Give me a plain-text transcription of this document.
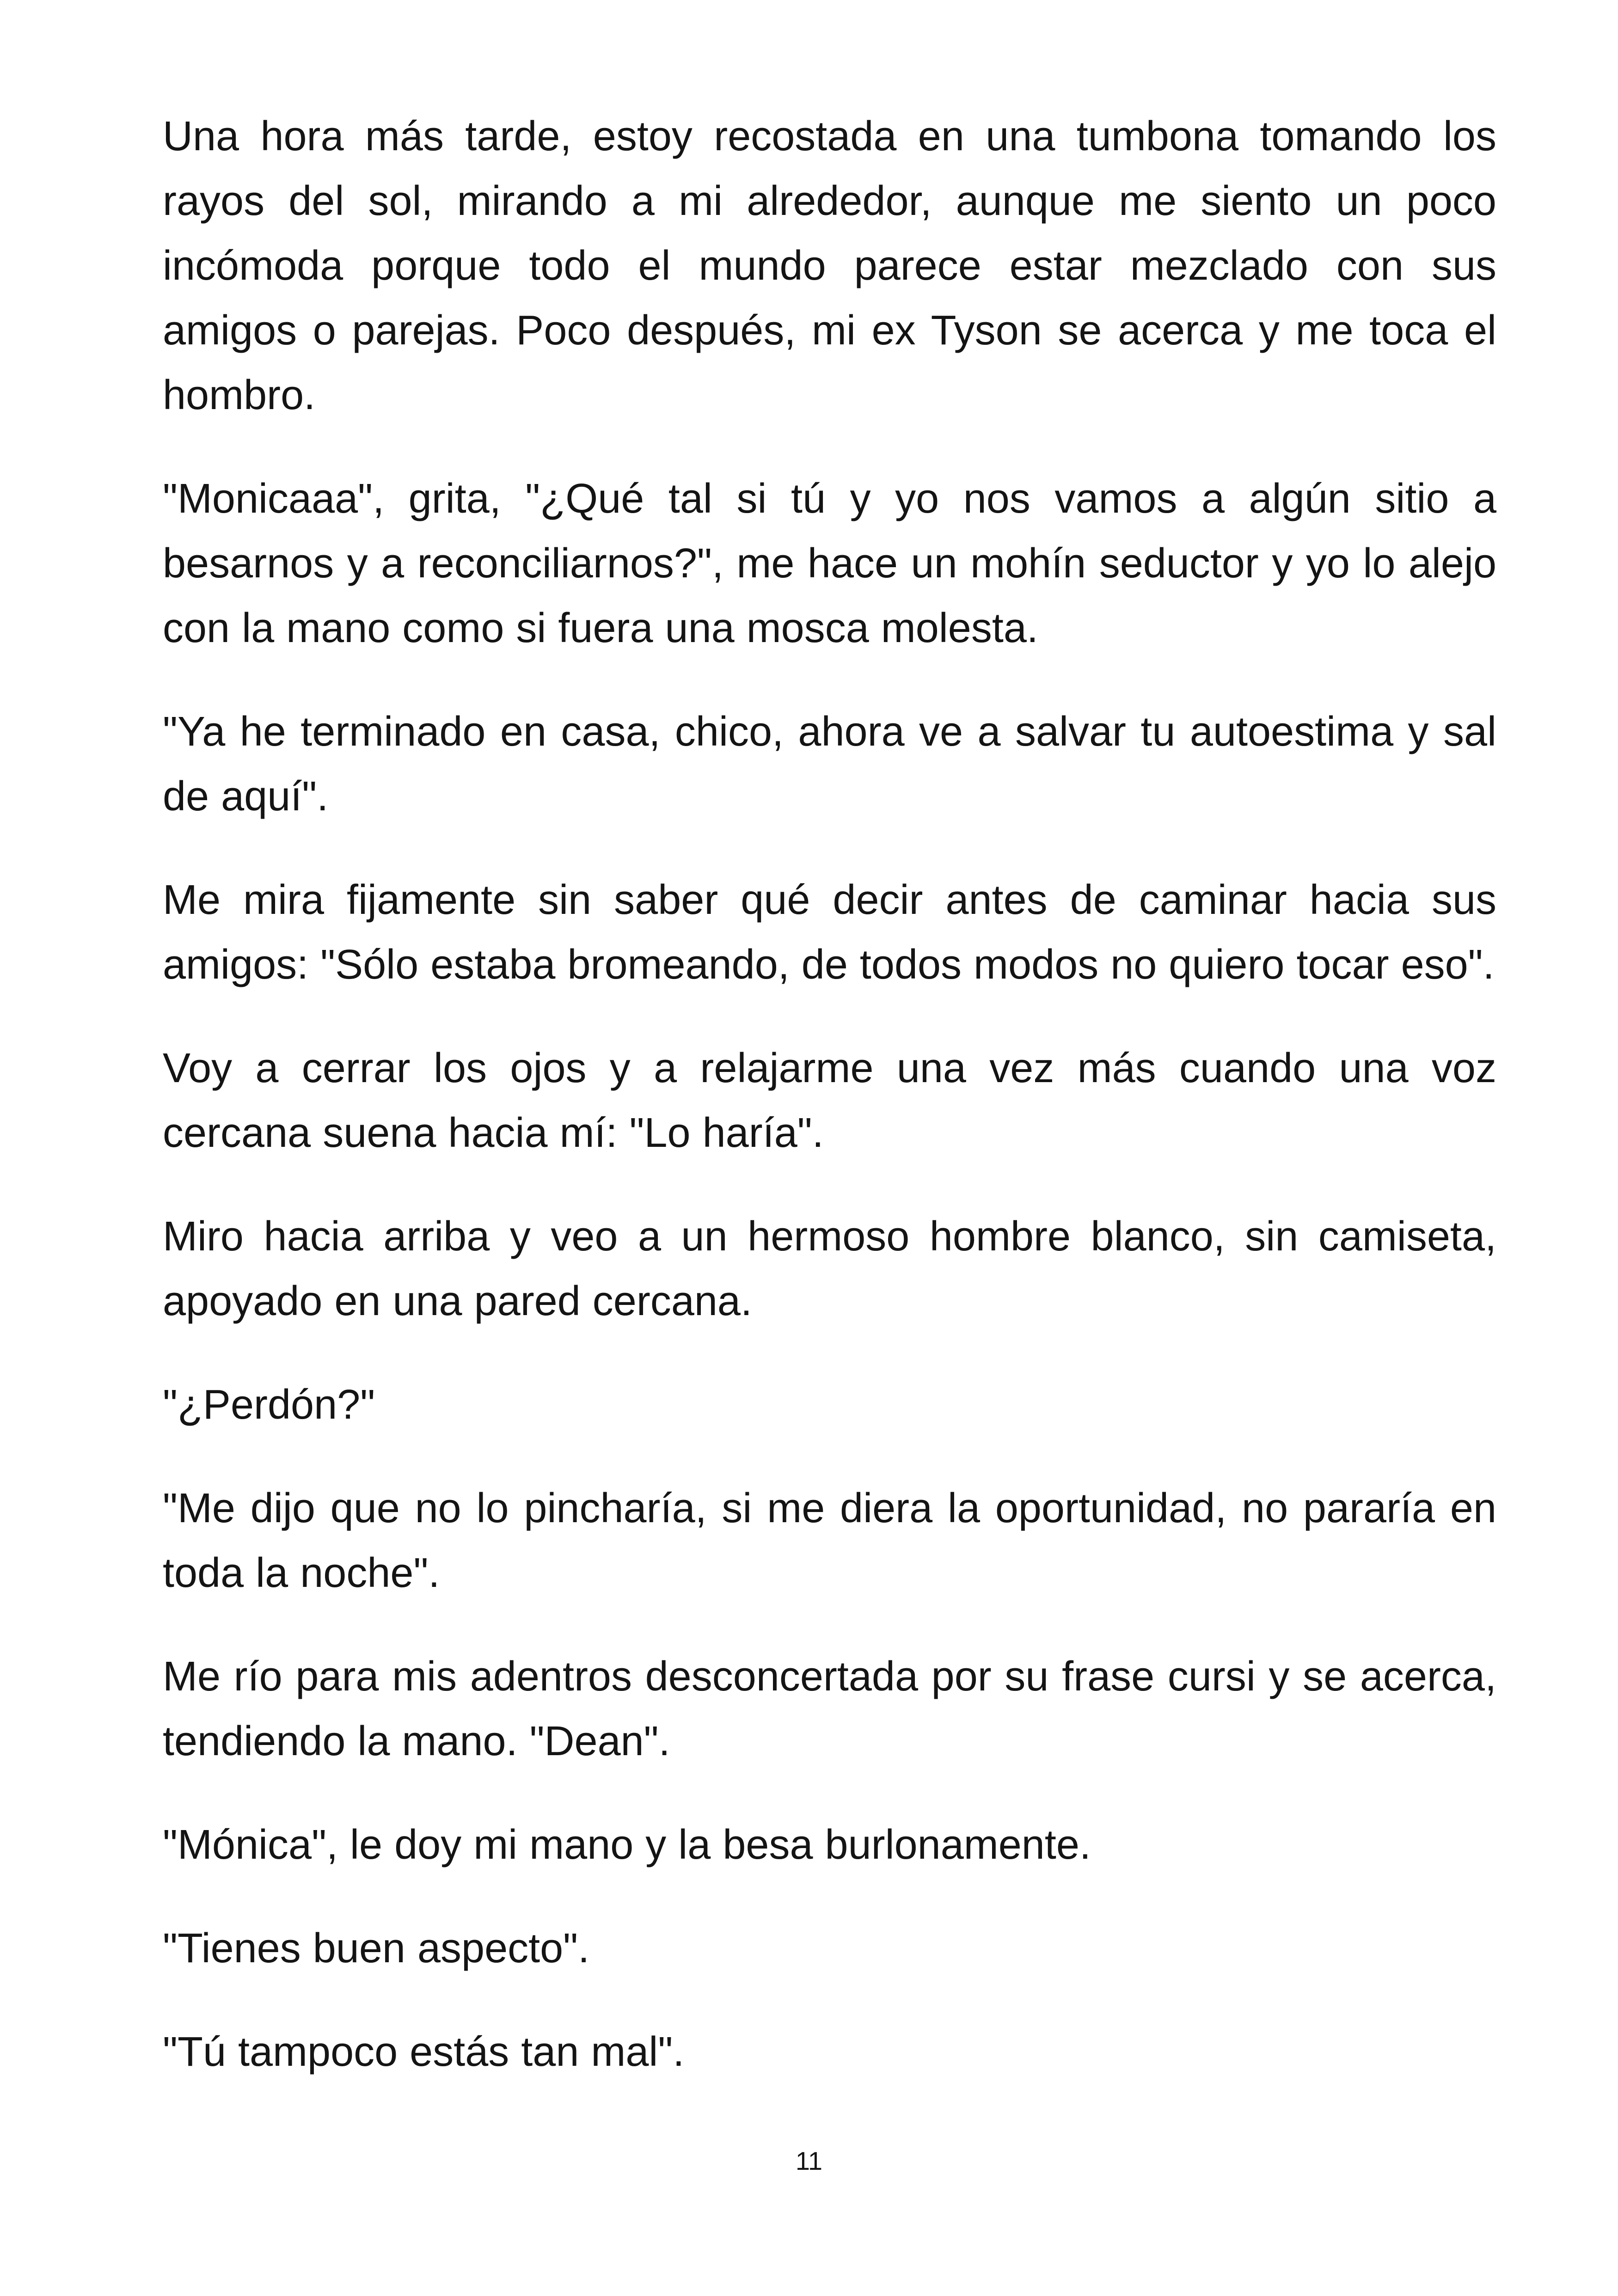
Una hora más tarde, estoy recostada en una tumbona tomando los rayos del sol, mirando a mi alrededor, aunque me siento un poco incómoda porque todo el mundo parece estar mezclado con sus amigos o parejas. Poco después, mi ex Tyson se acerca y me toca el hombro.

"Monicaaa", grita, "¿Qué tal si tú y yo nos vamos a algún sitio a besarnos y a reconciliarnos?", me hace un mohín seductor y yo lo alejo con la mano como si fuera una mosca molesta.

"Ya he terminado en casa, chico, ahora ve a salvar tu autoestima y sal de aquí".

Me mira fijamente sin saber qué decir antes de caminar hacia sus amigos: "Sólo estaba bromeando, de todos modos no quiero tocar eso".

Voy a cerrar los ojos y a relajarme una vez más cuando una voz cercana suena hacia mí: "Lo haría".

Miro hacia arriba y veo a un hermoso hombre blanco, sin camiseta, apoyado en una pared cercana.

"¿Perdón?"

"Me dijo que no lo pincharía, si me diera la oportunidad, no pararía en toda la noche".

Me río para mis adentros desconcertada por su frase cursi y se acerca, tendiendo la mano. "Dean".

"Mónica", le doy mi mano y la besa burlonamente.

"Tienes buen aspecto".

"Tú tampoco estás tan mal".

11
